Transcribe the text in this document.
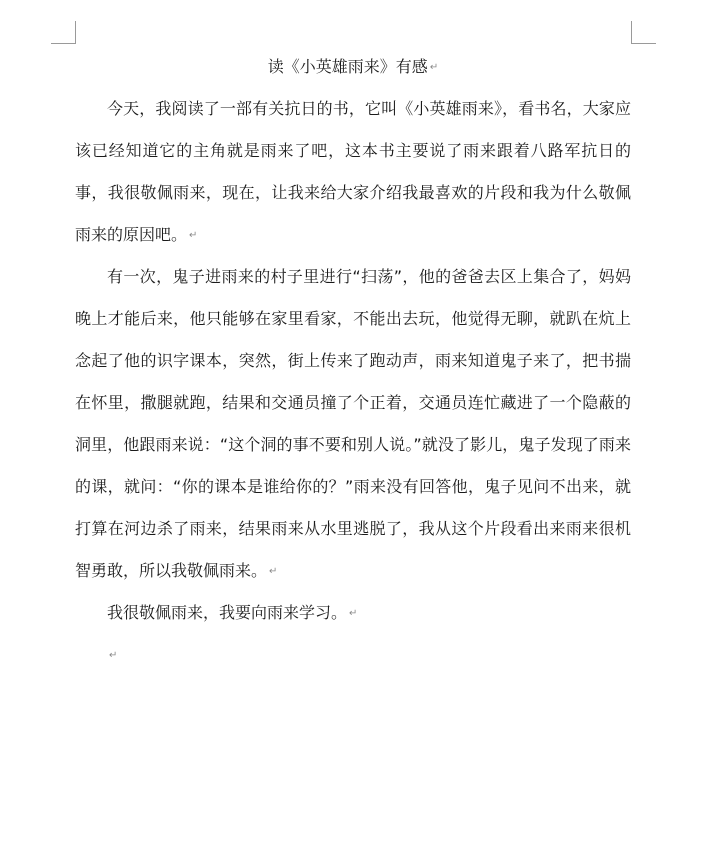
读《小英雄雨来》有感 ↵

今天，我阅读了一部有关抗日的书，它叫《小英雄雨来》，看书名，大家应该已经知道它的主角就是雨来了吧，这本书主要说了雨来跟着八路军抗日的事，我很敬佩雨来，现在，让我来给大家介绍我最喜欢的片段和我为什么敬佩雨来的原因吧。 ↵

有一次，鬼子进雨来的村子里进行“扫荡”，他的爸爸去区上集合了，妈妈晚上才能后来，他只能够在家里看家，不能出去玩，他觉得无聊，就趴在炕上念起了他的识字课本，突然，街上传来了跑动声，雨来知道鬼子来了，把书揣在怀里，撒腿就跑，结果和交通员撞了个正着，交通员连忙藏进了一个隐蔽的洞里，他跟雨来说：“这个洞的事不要和别人说。”就没了影儿，鬼子发现了雨来的课，就问：“你的课本是谁给你的？”雨来没有回答他，鬼子见问不出来，就打算在河边杀了雨来，结果雨来从水里逃脱了，我从这个片段看出来雨来很机智勇敢，所以我敬佩雨来。 ↵

我很敬佩雨来，我要向雨来学习。 ↵

↵
